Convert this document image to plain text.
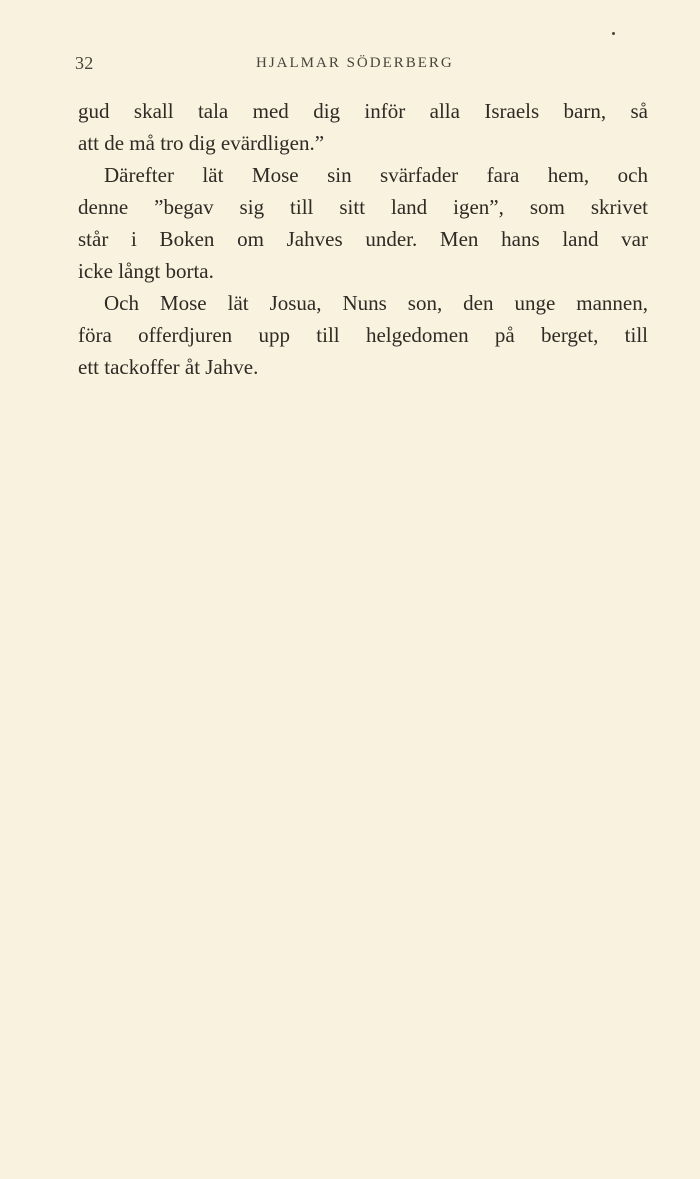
32	HJALMAR SÖDERBERG
gud skall tala med dig inför alla Israels barn, så
att de må tro dig evärdligen.”
Därefter lät Mose sin svärfader fara hem, och
denne ”begav sig till sitt land igen”, som skrivet
står i Boken om Jahves under. Men hans land var
icke långt borta.
Och Mose lät Josua, Nuns son, den unge mannen,
föra offerdjuren upp till helgedomen på berget, till
ett tackoffer åt Jahve.
